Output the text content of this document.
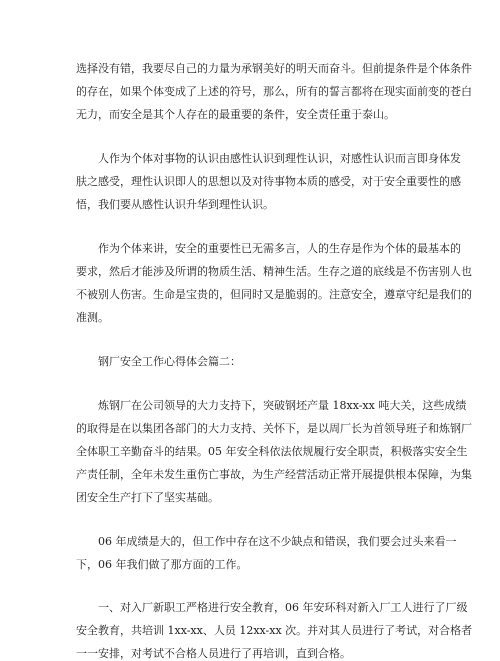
选择没有错，我要尽自己的力量为承钢美好的明天而奋斗。但前提条件是个体条件
的存在，如果个体变成了上述的符号，那么，所有的誓言都将在现实面前变的苍白
无力，而安全是其个人存在的最重要的条件，安全责任重于泰山。
人作为个体对事物的认识由感性认识到理性认识，对感性认识而言即身体发
肤之感受，理性认识即人的思想以及对待事物本质的感受，对于安全重要性的感
悟，我们要从感性认识升华到理性认识。
作为个体来讲，安全的重要性已无需多言，人的生存是作为个体的最基本的
要求，然后才能涉及所谓的物质生活、精神生活。生存之道的底线是不伤害别人也
不被别人伤害。生命是宝贵的，但同时又是脆弱的。注意安全，遵章守纪是我们的
准测。
钢厂安全工作心得体会篇二：
炼钢厂在公司领导的大力支持下，突破钢坯产量 18xx-xx 吨大关，这些成绩
的取得是在以集团各部门的大力支持、关怀下，是以周厂长为首领导班子和炼钢厂
全体职工辛勤奋斗的结果。05 年安全科依法依规履行安全职责，积极落实安全生
产责任制，全年未发生重伤亡事故，为生产经营活动正常开展提供根本保障，为集
团安全生产打下了坚实基础。
06 年成绩是大的，但工作中存在这不少缺点和错误，我们要会过头来看一
下，06 年我们做了那方面的工作。
一、对入厂新职工严格进行安全教育，06 年安环科对新入厂工人进行了厂级
安全教育，共培训 1xx-xx、人员 12xx-xx 次。并对其人员进行了考试，对合格者
一一安排，对考试不合格人员进行了再培训，直到合格。
